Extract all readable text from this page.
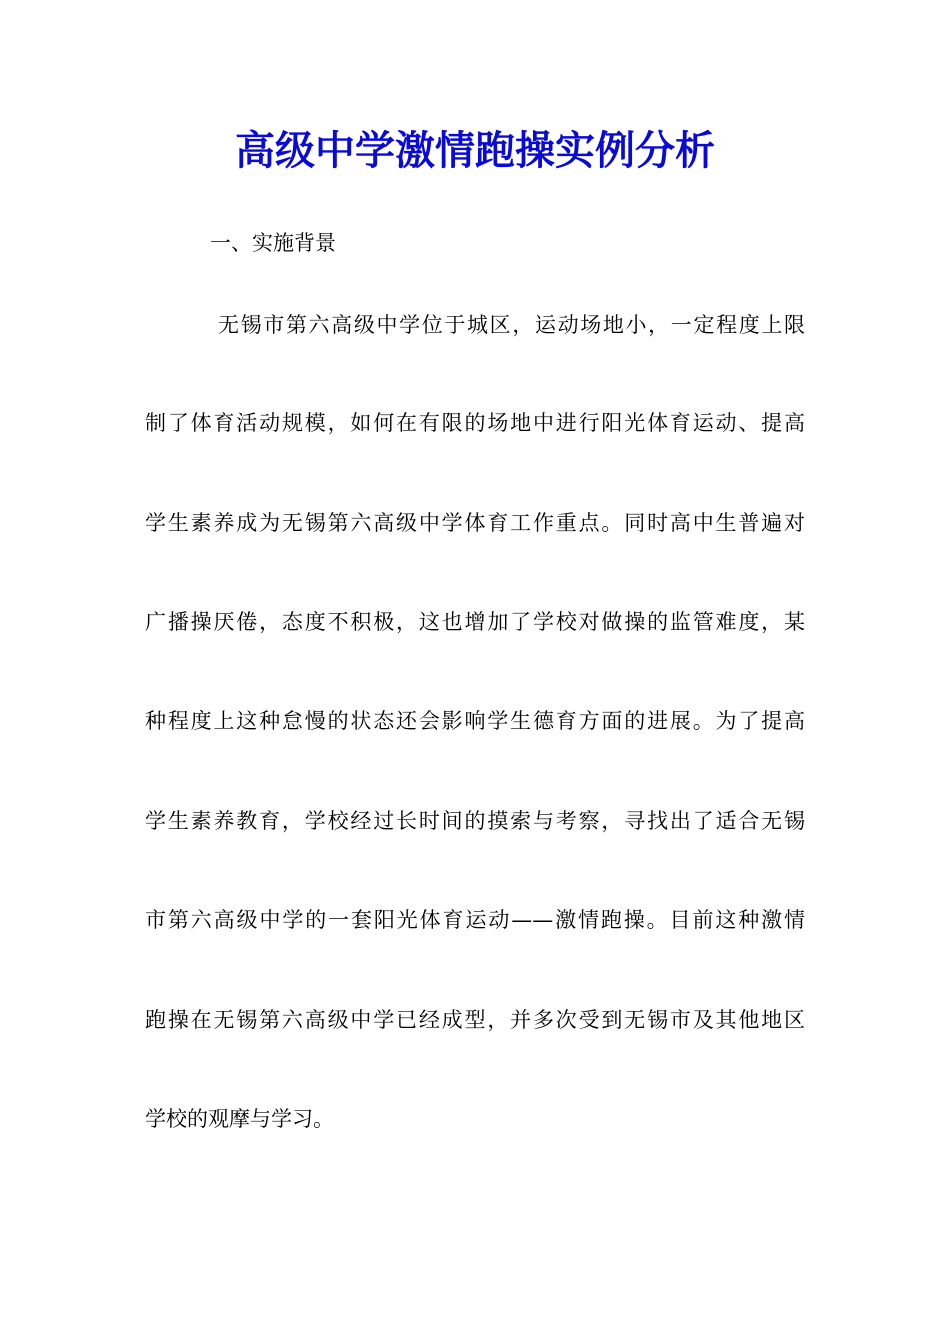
高级中学激情跑操实例分析
一、实施背景
无锡市第六高级中学位于城区，运动场地小，一定程度上限
制了体育活动规模，如何在有限的场地中进行阳光体育运动、提高
学生素养成为无锡第六高级中学体育工作重点。同时高中生普遍对
广播操厌倦，态度不积极，这也增加了学校对做操的监管难度，某
种程度上这种怠慢的状态还会影响学生德育方面的进展。为了提高
学生素养教育，学校经过长时间的摸索与考察，寻找出了适合无锡
市第六高级中学的一套阳光体育运动——激情跑操。目前这种激情
跑操在无锡第六高级中学已经成型，并多次受到无锡市及其他地区
学校的观摩与学习。
